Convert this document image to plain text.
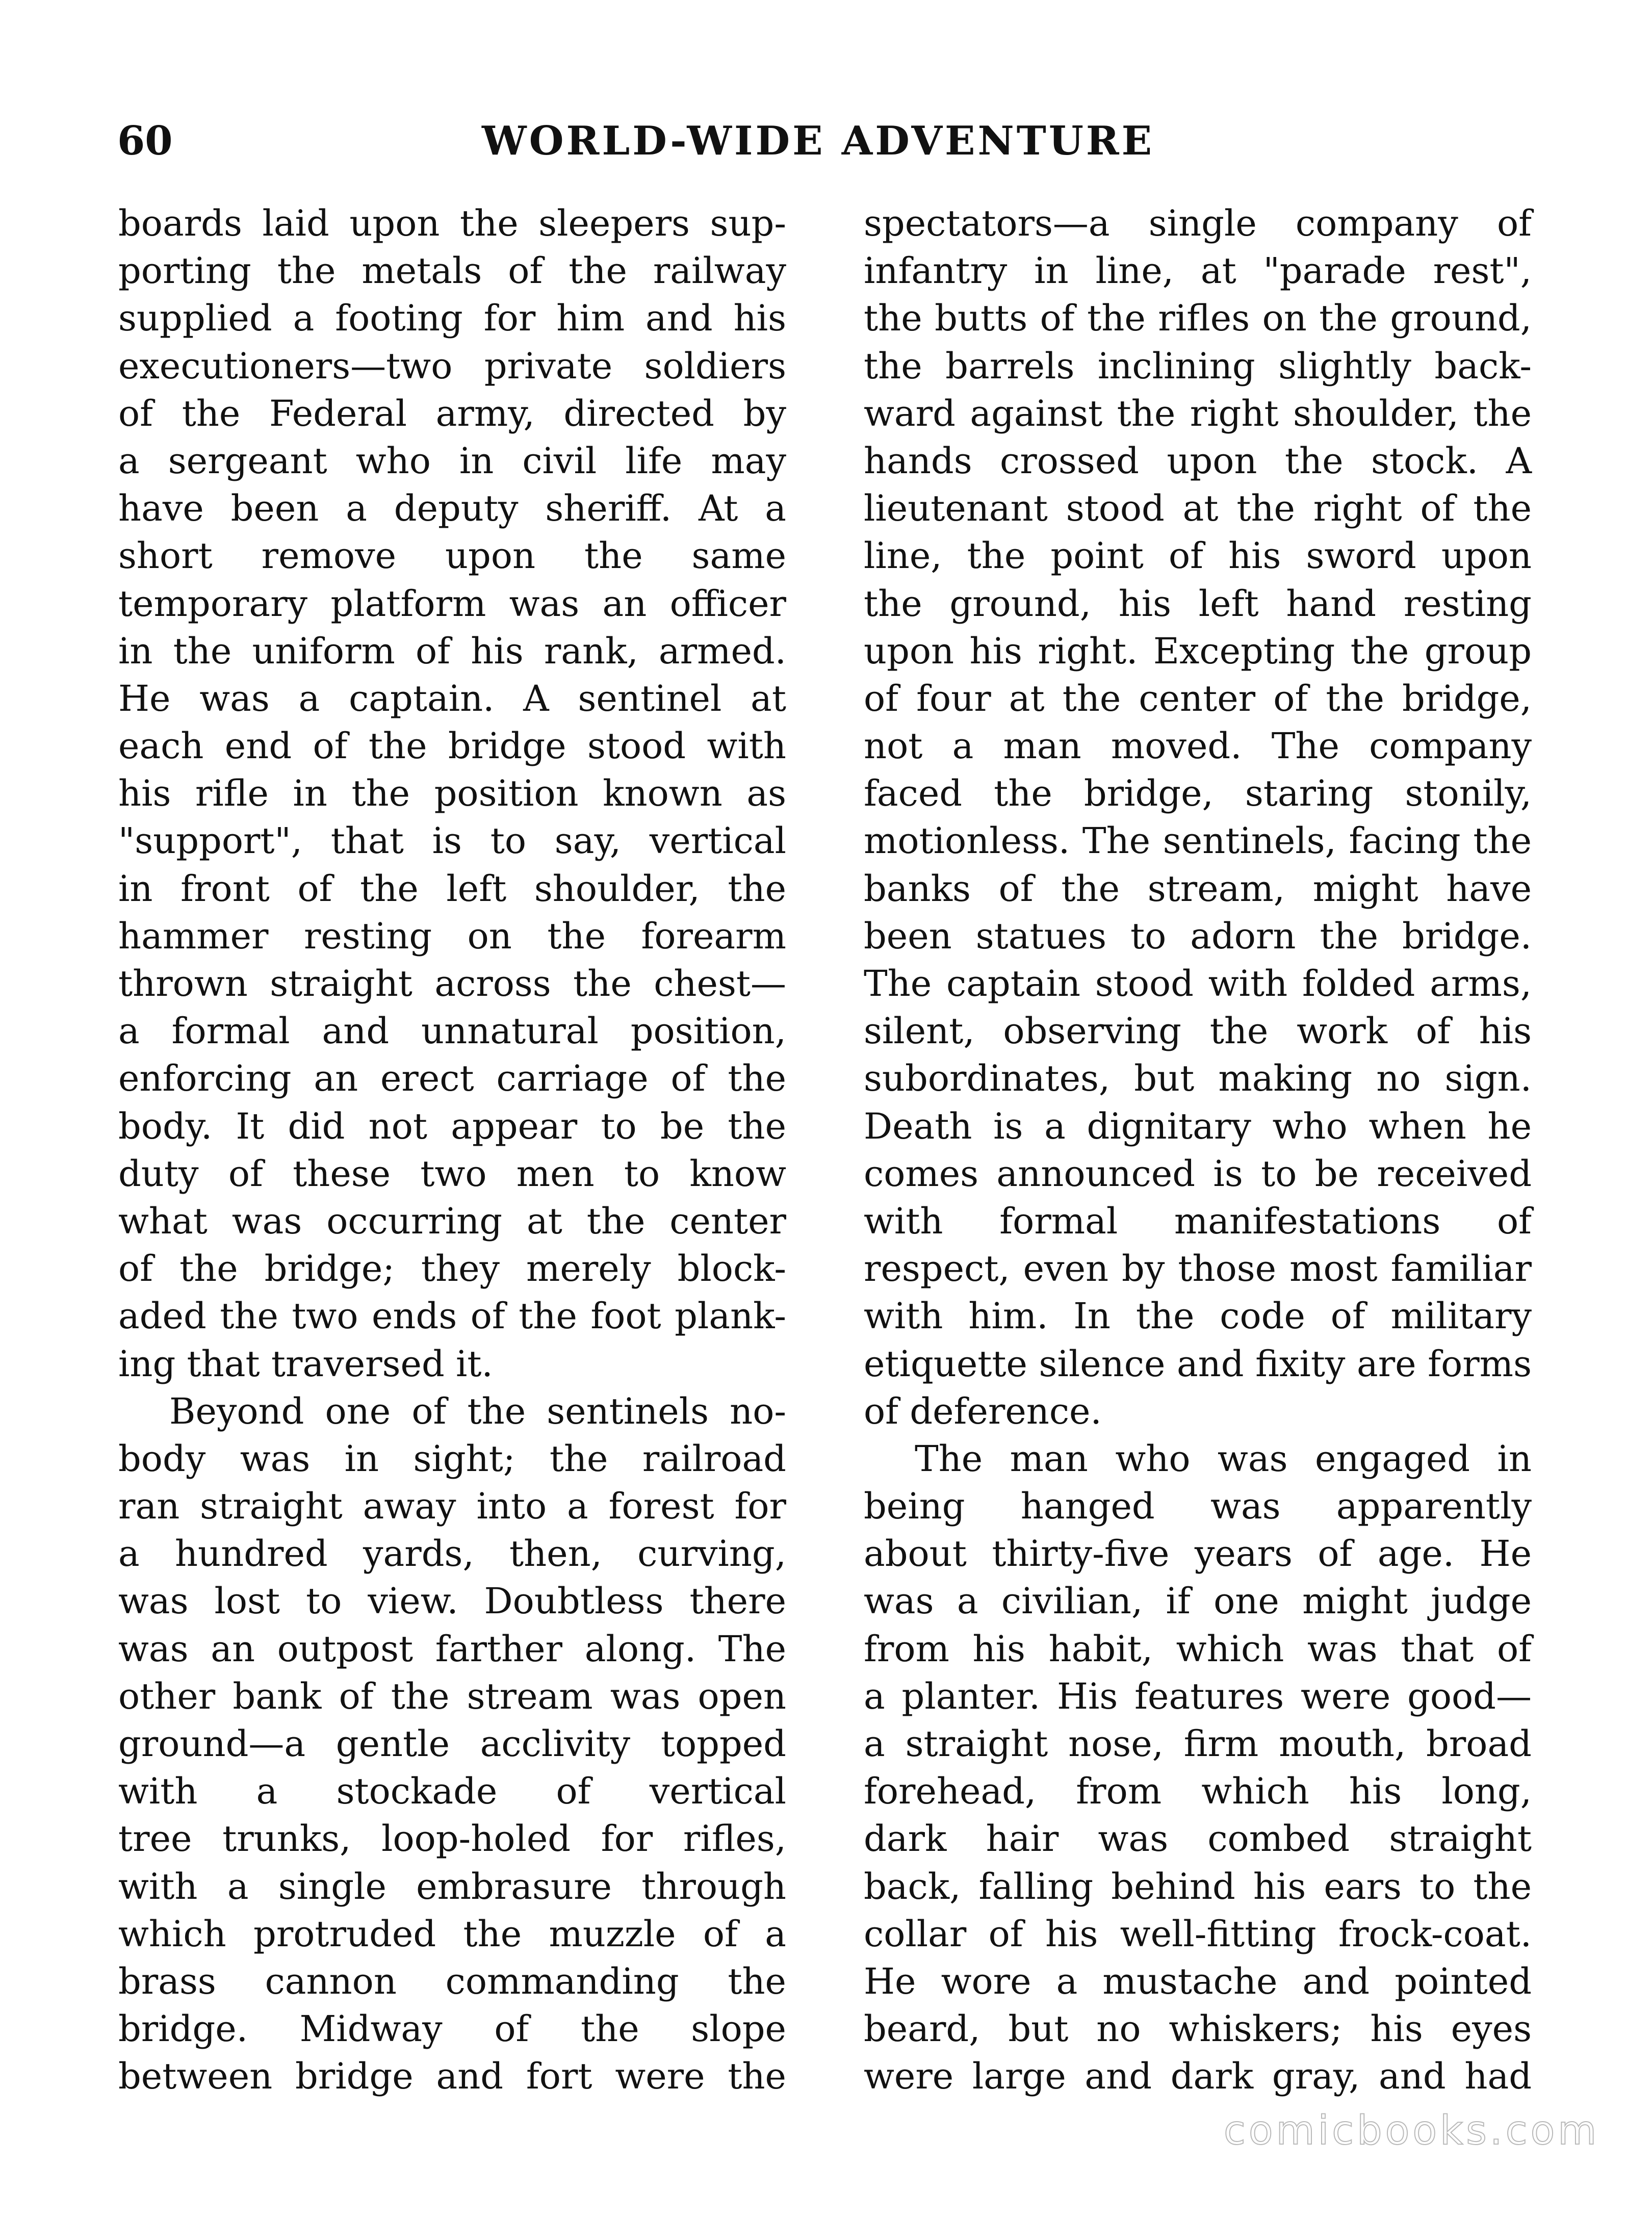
60	WORLD-WIDE ADVENTURE
boards laid upon the sleepers sup-
porting the metals of the railway
supplied a footing for him and his
executioners—two private soldiers
of the Federal army, directed by
a sergeant who in civil life may
have been a deputy sheriff. At a
short remove upon the same
temporary platform was an officer
in the uniform of his rank, armed.
He was a captain. A sentinel at
each end of the bridge stood with
his rifle in the position known as
"support", that is to say, vertical
in front of the left shoulder, the
hammer resting on the forearm
thrown straight across the chest—
a formal and unnatural position,
enforcing an erect carriage of the
body. It did not appear to be the
duty of these two men to know
what was occurring at the center
of the bridge; they merely block-
aded the two ends of the foot plank-
ing that traversed it.
Beyond one of the sentinels no-
body was in sight; the railroad
ran straight away into a forest for
a hundred yards, then, curving,
was lost to view. Doubtless there
was an outpost farther along. The
other bank of the stream was open
ground—a gentle acclivity topped
with a stockade of vertical
tree trunks, loop-holed for rifles,
with a single embrasure through
which protruded the muzzle of a
brass cannon commanding the
bridge. Midway of the slope
between bridge and fort were the
spectators—a single company of
infantry in line, at "parade rest",
the butts of the rifles on the ground,
the barrels inclining slightly back-
ward against the right shoulder, the
hands crossed upon the stock. A
lieutenant stood at the right of the
line, the point of his sword upon
the ground, his left hand resting
upon his right. Excepting the group
of four at the center of the bridge,
not a man moved. The company
faced the bridge, staring stonily,
motionless. The sentinels, facing the
banks of the stream, might have
been statues to adorn the bridge.
The captain stood with folded arms,
silent, observing the work of his
subordinates, but making no sign.
Death is a dignitary who when he
comes announced is to be received
with formal manifestations of
respect, even by those most familiar
with him. In the code of military
etiquette silence and fixity are forms
of deference.
The man who was engaged in
being hanged was apparently
about thirty-five years of age. He
was a civilian, if one might judge
from his habit, which was that of
a planter. His features were good—
a straight nose, firm mouth, broad
forehead, from which his long,
dark hair was combed straight
back, falling behind his ears to the
collar of his well-fitting frock-coat.
He wore a mustache and pointed
beard, but no whiskers; his eyes
were large and dark gray, and had
comicbooks.com
